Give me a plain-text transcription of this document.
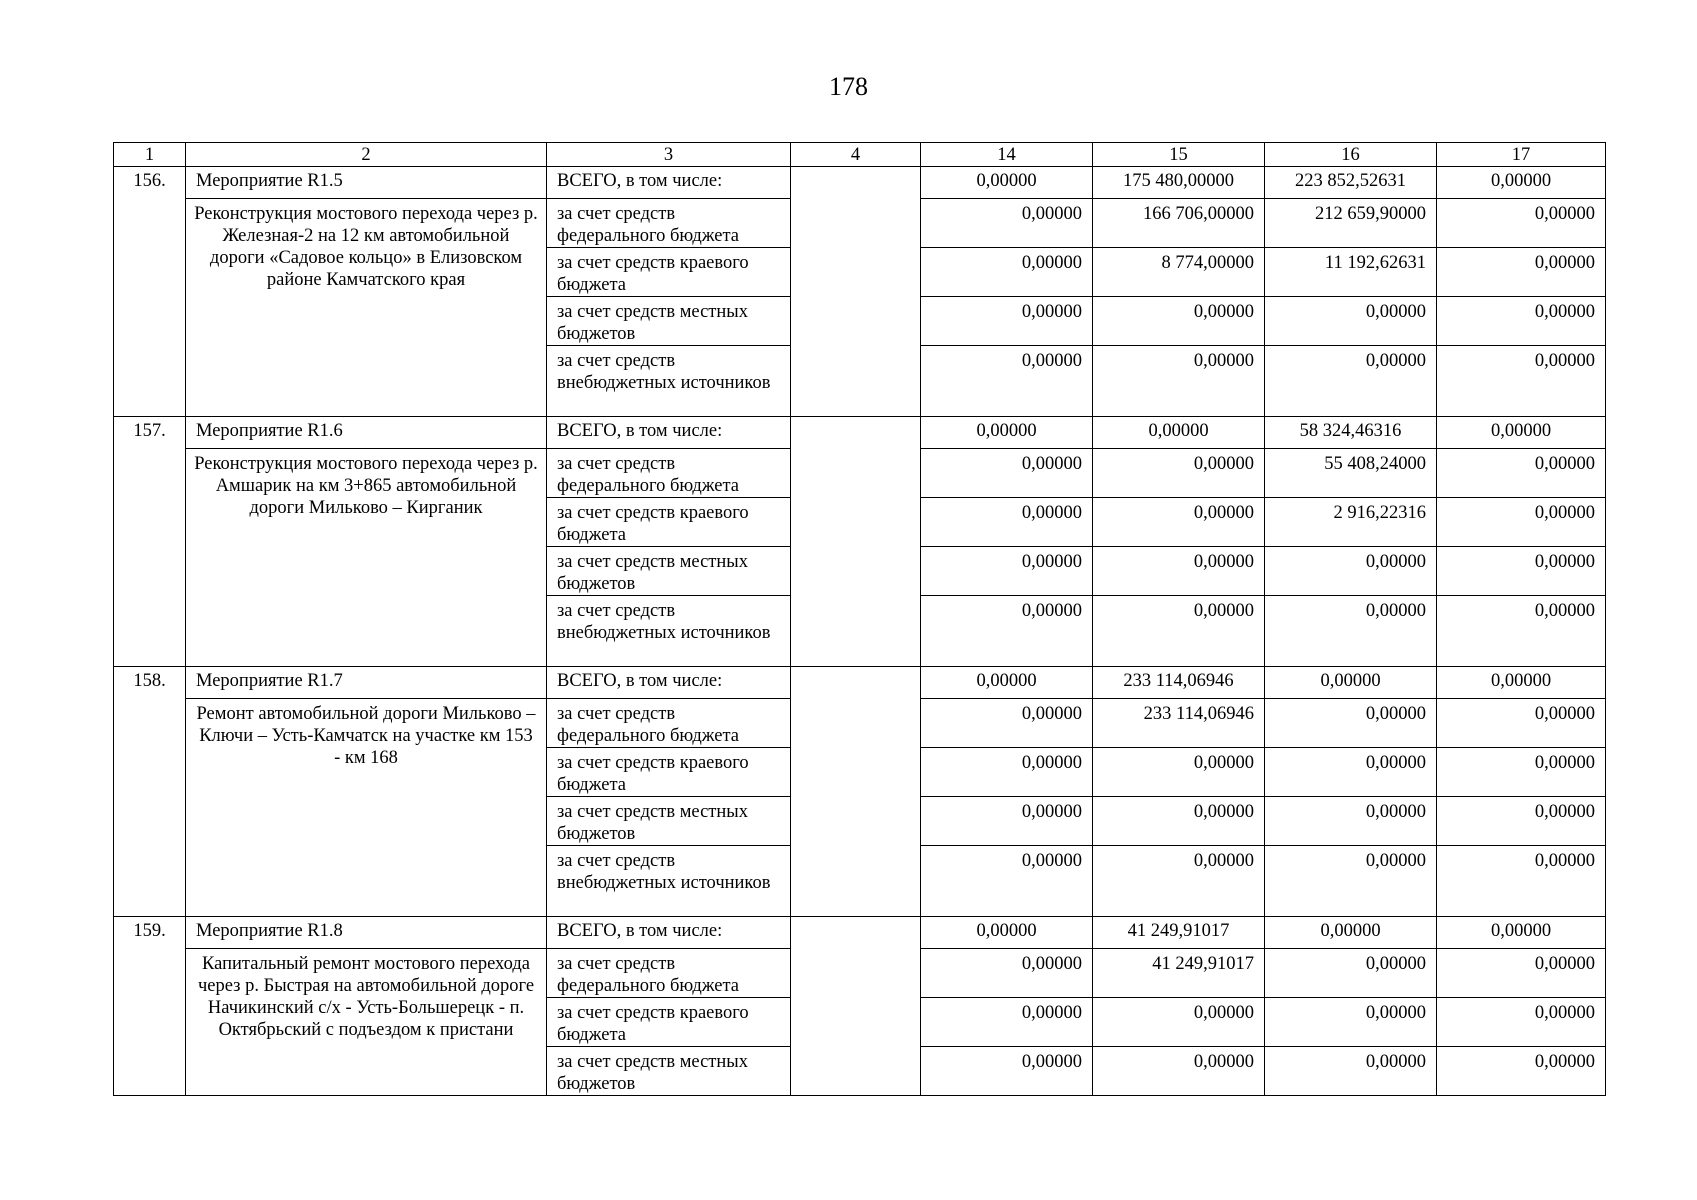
178
1	2	3	4	14	15	16	17
156.	Мероприятие R1.5	ВСЕГО, в том числе:		0,00000	175 480,00000	223 852,52631	0,00000
	Реконструкция мостового перехода через р. Железная-2 на 12 км автомобильной дороги «Садовое кольцо» в Елизовском районе Камчатского края	за счет средств федерального бюджета		0,00000	166 706,00000	212 659,90000	0,00000
		за счет средств краевого бюджета		0,00000	8 774,00000	11 192,62631	0,00000
		за счет средств местных бюджетов		0,00000	0,00000	0,00000	0,00000
		за счет средств внебюджетных источников		0,00000	0,00000	0,00000	0,00000
157.	Мероприятие R1.6	ВСЕГО, в том числе:		0,00000	0,00000	58 324,46316	0,00000
	Реконструкция мостового перехода через р. Амшарик на км 3+865 автомобильной дороги Мильково – Кирганик	за счет средств федерального бюджета		0,00000	0,00000	55 408,24000	0,00000
		за счет средств краевого бюджета		0,00000	0,00000	2 916,22316	0,00000
		за счет средств местных бюджетов		0,00000	0,00000	0,00000	0,00000
		за счет средств внебюджетных источников		0,00000	0,00000	0,00000	0,00000
158.	Мероприятие R1.7	ВСЕГО, в том числе:		0,00000	233 114,06946	0,00000	0,00000
	Ремонт автомобильной дороги Мильково – Ключи – Усть-Камчатск на участке км 153 - км 168	за счет средств федерального бюджета		0,00000	233 114,06946	0,00000	0,00000
		за счет средств краевого бюджета		0,00000	0,00000	0,00000	0,00000
		за счет средств местных бюджетов		0,00000	0,00000	0,00000	0,00000
		за счет средств внебюджетных источников		0,00000	0,00000	0,00000	0,00000
159.	Мероприятие R1.8	ВСЕГО, в том числе:		0,00000	41 249,91017	0,00000	0,00000
	Капитальный ремонт мостового перехода через р. Быстрая на автомобильной дороге Начикинский с/х - Усть-Большерецк - п. Октябрьский с подъездом к пристани	за счет средств федерального бюджета		0,00000	41 249,91017	0,00000	0,00000
		за счет средств краевого бюджета		0,00000	0,00000	0,00000	0,00000
		за счет средств местных бюджетов		0,00000	0,00000	0,00000	0,00000
